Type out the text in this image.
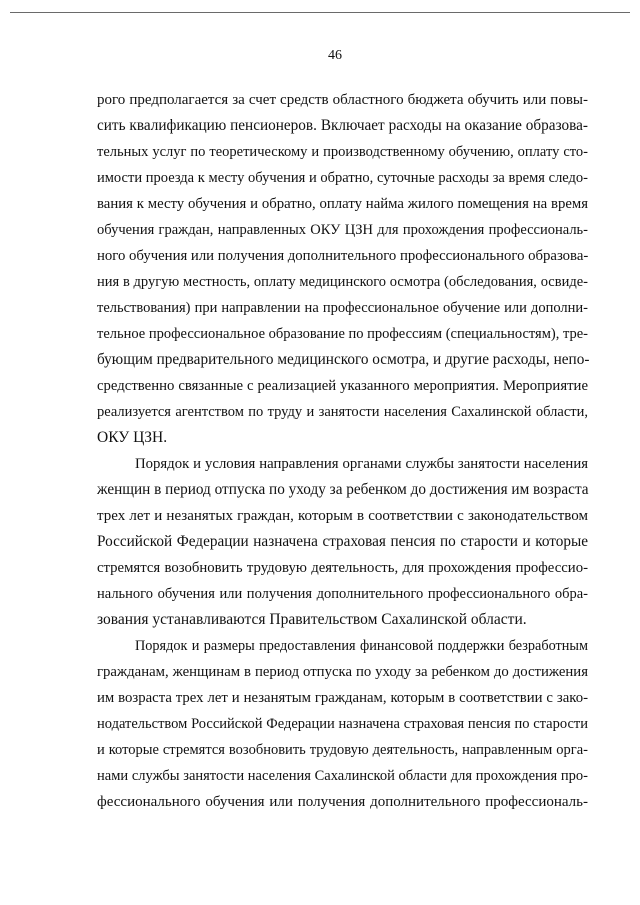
46
рого предполагается за счет средств областного бюджета обучить или повы-
сить квалификацию пенсионеров. Включает расходы на оказание образова-
тельных услуг по теоретическому и производственному обучению, оплату сто-
имости проезда к месту обучения и обратно, суточные расходы за время следо-
вания к месту обучения и обратно, оплату найма жилого помещения на время
обучения граждан, направленных ОКУ ЦЗН для прохождения профессиональ-
ного обучения или получения дополнительного профессионального образова-
ния в другую местность, оплату медицинского осмотра (обследования, освиде-
тельствования) при направлении на профессиональное обучение или дополни-
тельное профессиональное образование по профессиям (специальностям), тре-
бующим предварительного медицинского осмотра, и другие расходы, непо-
средственно связанные с реализацией указанного мероприятия. Мероприятие
реализуется агентством по труду и занятости населения Сахалинской области,
ОКУ ЦЗН.
Порядок и условия направления органами службы занятости населения
женщин в период отпуска по уходу за ребенком до достижения им возраста
трех лет и незанятых граждан, которым в соответствии с законодательством
Российской Федерации назначена страховая пенсия по старости и которые
стремятся возобновить трудовую деятельность, для прохождения профессио-
нального обучения или получения дополнительного профессионального обра-
зования устанавливаются Правительством Сахалинской области.
Порядок и размеры предоставления финансовой поддержки безработным
гражданам, женщинам в период отпуска по уходу за ребенком до достижения
им возраста трех лет и незанятым гражданам, которым в соответствии с зако-
нодательством Российской Федерации назначена страховая пенсия по старости
и которые стремятся возобновить трудовую деятельность, направленным орга-
нами службы занятости населения Сахалинской области для прохождения про-
фессионального обучения или получения дополнительного профессиональ-
